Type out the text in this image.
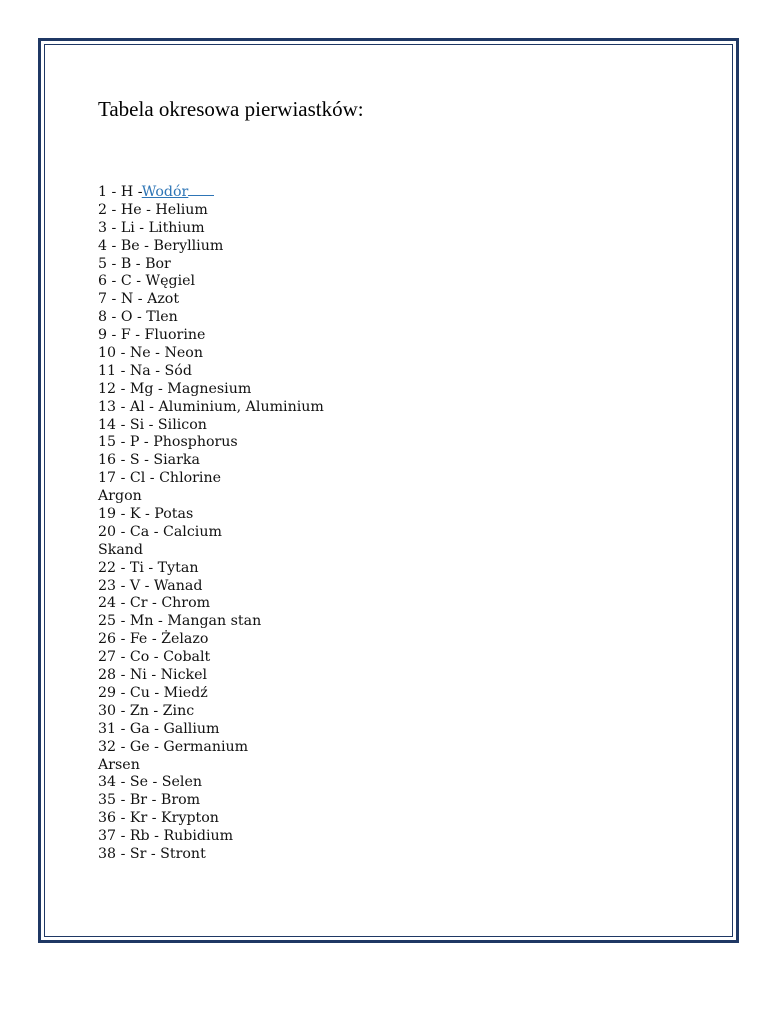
Tabela okresowa pierwiastków:
1 - H -Wodór
2 - He - Helium
3 - Li - Lithium
4 - Be - Beryllium
5 - B - Bor
6 - C - Węgiel
7 - N - Azot
8 - O - Tlen
9 - F - Fluorine
10 - Ne - Neon
11 - Na - Sód
12 - Mg - Magnesium
13 - Al - Aluminium, Aluminium
14 - Si - Silicon
15 - P - Phosphorus
16 - S - Siarka
17 - Cl - Chlorine
Argon
19 - K - Potas
20 - Ca - Calcium
Skand
22 - Ti - Tytan
23 - V - Wanad
24 - Cr - Chrom
25 - Mn - Mangan stan
26 - Fe - Żelazo
27 - Co - Cobalt
28 - Ni - Nickel
29 - Cu - Miedź
30 - Zn - Zinc
31 - Ga - Gallium
32 - Ge - Germanium
Arsen
34 - Se - Selen
35 - Br - Brom
36 - Kr - Krypton
37 - Rb - Rubidium
38 - Sr - Stront
